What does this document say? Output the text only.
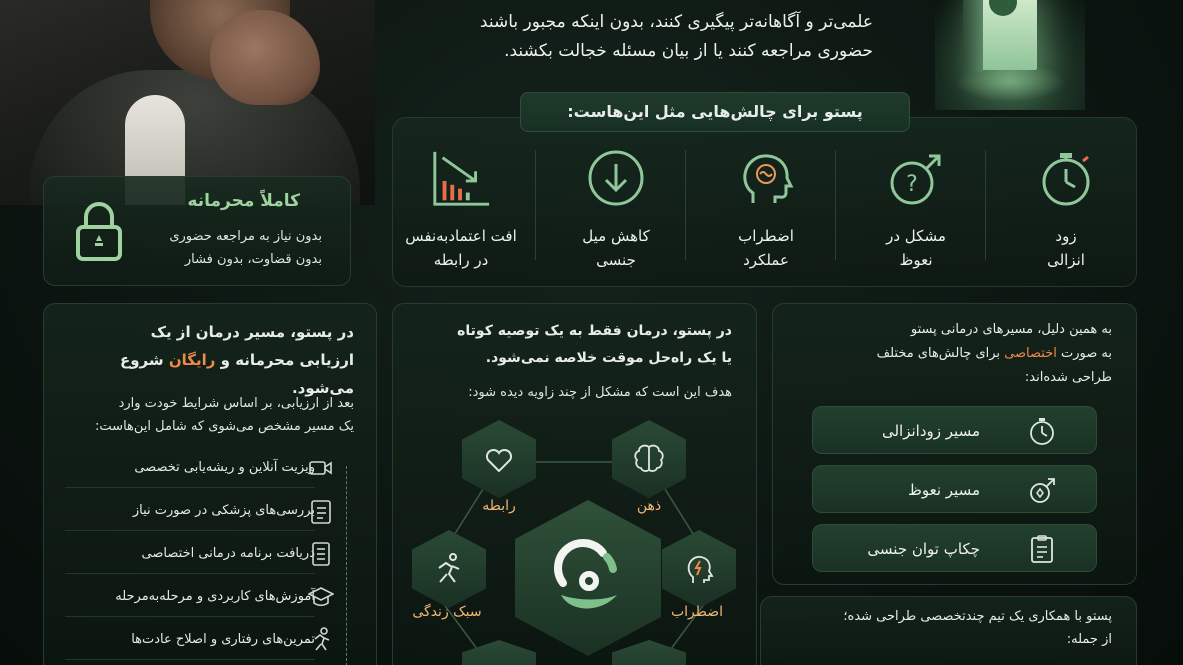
علمی‌تر و آگاهانه‌تر پیگیری کنند، بدون اینکه مجبور باشند
حضوری مراجعه کنند یا از بیان مسئله خجالت بکشند.
زود
انزالی
?
مشکل در
نعوظ
اضطراب
عملکرد
کاهش میل
جنسی
افت اعتمادبه‌نفس
در رابطه
پستو برای چالش‌هایی مثل این‌هاست:
کاملاً محرمانه
بدون نیاز به مراجعه حضوری
بدون قضاوت، بدون فشار
در پستو، مسیر درمان از یک
ارزیابی محرمانه و رایگان شروع می‌شود.
بعد از ارزیابی، بر اساس شرایط خودت وارد
یک مسیر مشخص می‌شوی که شامل این‌هاست:
ویزیت آنلاین و ریشه‌یابی تخصصی
بررسی‌های پزشکی در صورت نیاز
دریافت برنامه درمانی اختصاصی
آموزش‌های کاربردی و مرحله‌به‌مرحله
تمرین‌های رفتاری و اصلاح عادت‌ها
در پستو، درمان فقط به یک توصیه کوتاه
یا یک راه‌حل موقت خلاصه نمی‌شود.
هدف این است که مشکل از چند زاویه دیده شود:
ذهن
رابطه
اضطراب
سبک زندگی
به همین دلیل، مسیرهای درمانی پستو
به صورت اختصاصی برای چالش‌های مختلف
طراحی شده‌اند:
مسیر زودانزالی
مسیر نعوظ
چکاپ توان جنسی
پستو با همکاری یک تیم چندتخصصی طراحی شده؛
از جمله:
